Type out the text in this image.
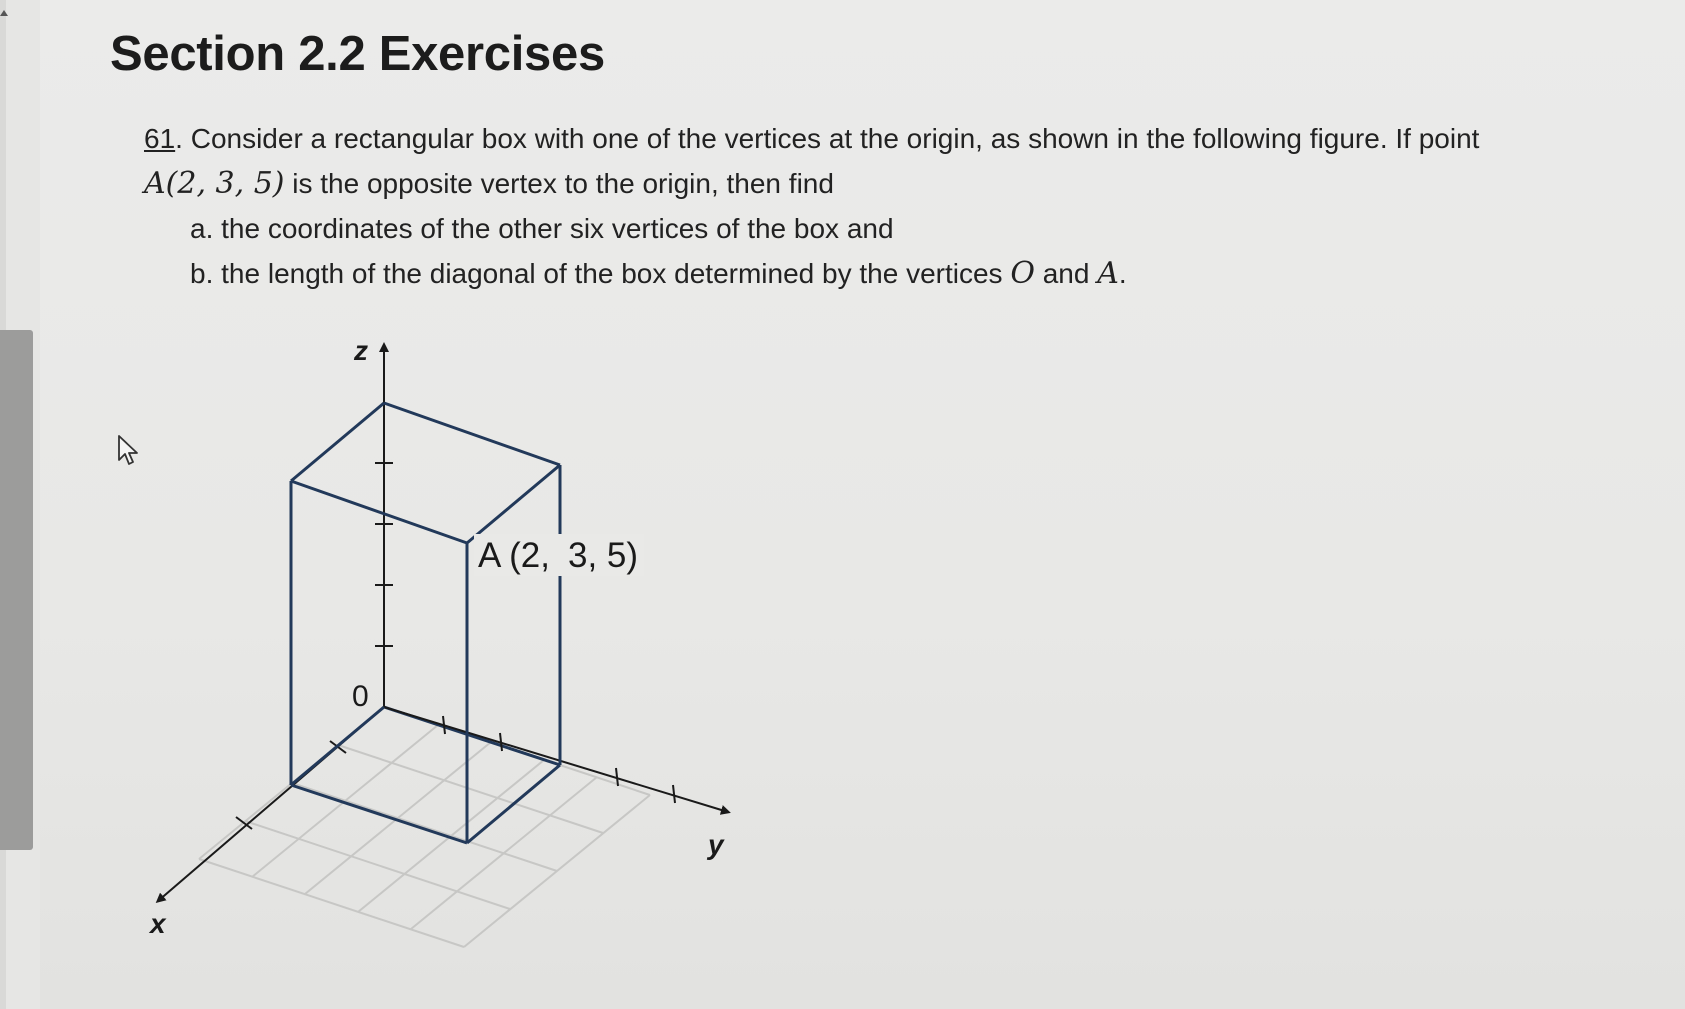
Section 2.2 Exercises
61. Consider a rectangular box with one of the vertices at the origin, as shown in the following figure. If point
A(2, 3, 5) is the opposite vertex to the origin, then find
a. the coordinates of the other six vertices of the box and
b. the length of the diagonal of the box determined by the vertices O and A.
z
y
x
0
A (2, 3, 5)
